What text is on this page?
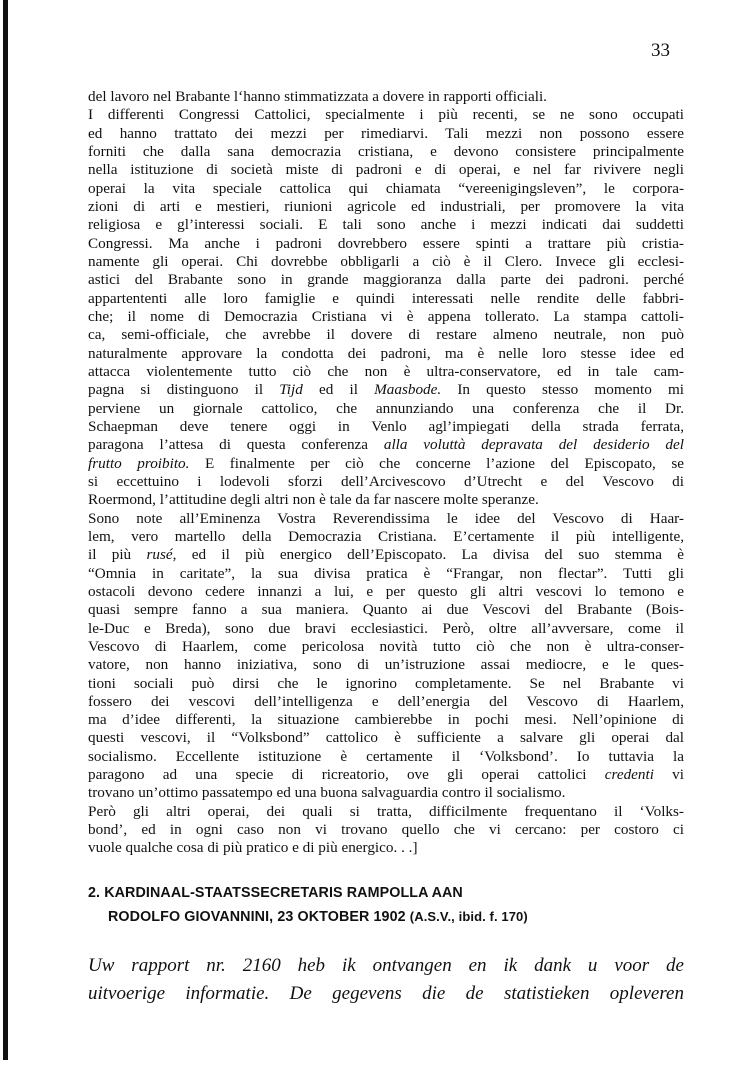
33
del lavoro nel Brabante l‘hanno stimmatizzata a dovere in rapporti officiali.
I differenti Congressi Cattolici, specialmente i più recenti, se ne sono occupati
ed hanno trattato dei mezzi per rimediarvi. Tali mezzi non possono essere
forniti che dalla sana democrazia cristiana, e devono consistere principalmente
nella istituzione di società miste di padroni e di operai, e nel far rivivere negli
operai la vita speciale cattolica qui chiamata “vereenigingsleven”, le corpora-
zioni di arti e mestieri, riunioni agricole ed industriali, per promovere la vita
religiosa e gl’interessi sociali. E tali sono anche i mezzi indicati dai suddetti
Congressi. Ma anche i padroni dovrebbero essere spinti a trattare più cristia-
namente gli operai. Chi dovrebbe obbligarli a ciò è il Clero. Invece gli ecclesi-
astici del Brabante sono in grande maggioranza dalla parte dei padroni. perché
appartententi alle loro famiglie e quindi interessati nelle rendite delle fabbri-
che; il nome di Democrazia Cristiana vi è appena tollerato. La stampa cattoli-
ca, semi-officiale, che avrebbe il dovere di restare almeno neutrale, non può
naturalmente approvare la condotta dei padroni, ma è nelle loro stesse idee ed
attacca violentemente tutto ciò che non è ultra-conservatore, ed in tale cam-
pagna si distinguono il Tijd ed il Maasbode. In questo stesso momento mi
perviene un giornale cattolico, che annunziando una conferenza che il Dr.
Schaepman deve tenere oggi in Venlo agl’impiegati della strada ferrata,
paragona l’attesa di questa conferenza alla voluttà depravata del desiderio del
frutto proibito. E finalmente per ciò che concerne l’azione del Episcopato, se
si eccettuino i lodevoli sforzi dell’Arcivescovo d’Utrecht e del Vescovo di
Roermond, l’attitudine degli altri non è tale da far nascere molte speranze.
Sono note all’Eminenza Vostra Reverendissima le idee del Vescovo di Haar-
lem, vero martello della Democrazia Cristiana. E’certamente il più intelligente,
il più rusé, ed il più energico dell’Episcopato. La divisa del suo stemma è
“Omnia in caritate”, la sua divisa pratica è “Frangar, non flectar”. Tutti gli
ostacoli devono cedere innanzi a lui, e per questo gli altri vescovi lo temono e
quasi sempre fanno a sua maniera. Quanto ai due Vescovi del Brabante (Bois-
le-Duc e Breda), sono due bravi ecclesiastici. Però, oltre all’avversare, come il
Vescovo di Haarlem, come pericolosa novità tutto ciò che non è ultra-conser-
vatore, non hanno iniziativa, sono di un’istruzione assai mediocre, e le ques-
tioni sociali può dirsi che le ignorino completamente. Se nel Brabante vi
fossero dei vescovi dell’intelligenza e dell’energia del Vescovo di Haarlem,
ma d’idee differenti, la situazione cambierebbe in pochi mesi. Nell’opinione di
questi vescovi, il “Volksbond” cattolico è sufficiente a salvare gli operai dal
socialismo. Eccellente istituzione è certamente il ‘Volksbond’. Io tuttavia la
paragono ad una specie di ricreatorio, ove gli operai cattolici credenti vi
trovano un’ottimo passatempo ed una buona salvaguardia contro il socialismo.
Però gli altri operai, dei quali si tratta, difficilmente frequentano il ‘Volks-
bond’, ed in ogni caso non vi trovano quello che vi cercano: per costoro ci
vuole qualche cosa di più pratico e di più energico. . .]
2. KARDINAAL-STAATSSECRETARIS RAMPOLLA AAN
RODOLFO GIOVANNINI, 23 OKTOBER 1902 (A.S.V., ibid. f. 170)
Uw rapport nr. 2160 heb ik ontvangen en ik dank u voor de
uitvoerige informatie. De gegevens die de statistieken opleveren
